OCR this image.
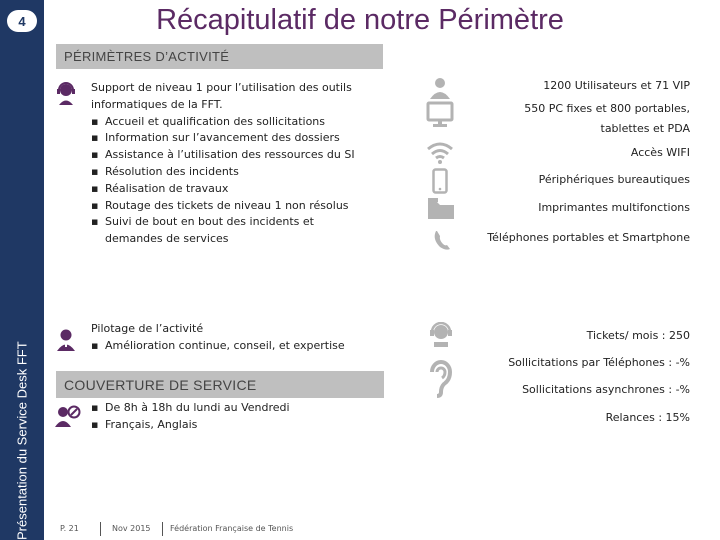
Présentation du Service Desk FFT
4	Récapitulatif de notre Périmètre
PÉRIMÈTRES D’ACTIVITÉ
Support de niveau 1 pour l’utilisation des outils
informatiques de la FFT.
▪ Accueil et qualification des sollicitations
▪ Information sur l’avancement des dossiers
▪ Assistance à l’utilisation des ressources du SI
▪ Résolution des incidents
▪ Réalisation de travaux
▪ Routage des tickets de niveau 1 non résolus
▪ Suivi de bout en bout des incidents et
demandes de services
Pilotage de l’activité
▪ Amélioration continue, conseil, et expertise
COUVERTURE DE SERVICE
▪ De 8h à 18h du lundi au Vendredi
▪ Français, Anglais
1200 Utilisateurs et 71 VIP
550 PC fixes et 800 portables,
tablettes et PDA
Accès WIFI
Périphériques bureautiques
Imprimantes multifonctions
Téléphones portables et Smartphone
Tickets/ mois : 250
Sollicitations par Téléphones : -%
Sollicitations asynchrones : -%
Relances : 15%
P. 21	Nov 2015 Fédération Française de Tennis
